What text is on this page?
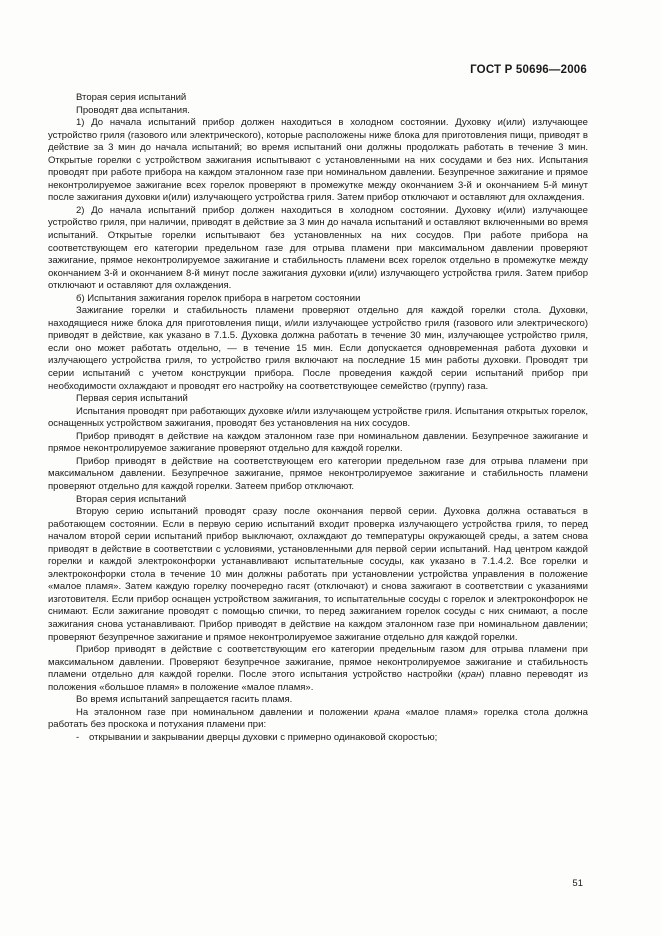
ГОСТ Р 50696—2006

Вторая серия испытаний

Проводят два испытания.

1) До начала испытаний прибор должен находиться в холодном состоянии. Духовку и(или) излучающее устройство гриля (газового или электрического), которые расположены ниже блока для приготовления пищи, приводят в действие за 3 мин до начала испытаний; во время испытаний они должны продолжать работать в течение 3 мин. Открытые горелки с устройством зажигания испытывают с установленными на них сосудами и без них. Испытания проводят при работе прибора на каждом эталонном газе при номинальном давлении. Безупречное зажигание и прямое неконтролируемое зажигание всех горелок проверяют в промежутке между окончанием 3-й и окончанием 5-й минут после зажигания духовки и(или) излучающего устройства гриля. Затем прибор отключают и оставляют для охлаждения.

2) До начала испытаний прибор должен находиться в холодном состоянии. Духовку и(или) излучающее устройство гриля, при наличии, приводят в действие за 3 мин до начала испытаний и оставляют включенными во время испытаний. Открытые горелки испытывают без установленных на них сосудов. При работе прибора на соответствующем его категории предельном газе для отрыва пламени при максимальном давлении проверяют зажигание, прямое неконтролируемое зажигание и стабильность пламени всех горелок отдельно в промежутке между окончанием 3-й и окончанием 8-й минут после зажигания духовки и(или) излучающего устройства гриля. Затем прибор отключают и оставляют для охлаждения.

б) Испытания зажигания горелок прибора в нагретом состоянии

Зажигание горелки и стабильность пламени проверяют отдельно для каждой горелки стола. Духовки, находящиеся ниже блока для приготовления пищи, и/или излучающее устройство гриля (газового или электрического) приводят в действие, как указано в 7.1.5. Духовка должна работать в течение 30 мин, излучающее устройство гриля, если оно может работать отдельно, — в течение 15 мин. Если допускается одновременная работа духовки и излучающего устройства гриля, то устройство гриля включают на последние 15 мин работы духовки. Проводят три серии испытаний с учетом конструкции прибора. После проведения каждой серии испытаний прибор при необходимости охлаждают и проводят его настройку на соответствующее семейство (группу) газа.

Первая серия испытаний

Испытания проводят при работающих духовке и/или излучающем устройстве гриля. Испытания открытых горелок, оснащенных устройством зажигания, проводят без установления на них сосудов.

Прибор приводят в действие на каждом эталонном газе при номинальном давлении. Безупречное зажигание и прямое неконтролируемое зажигание проверяют отдельно для каждой горелки.

Прибор приводят в действие на соответствующем его категории предельном газе для отрыва пламени при максимальном давлении. Безупречное зажигание, прямое неконтролируемое зажигание и стабильность пламени проверяют отдельно для каждой горелки. Затеем прибор отключают.

Вторая серия испытаний

Вторую серию испытаний проводят сразу после окончания первой серии. Духовка должна оставаться в работающем состоянии. Если в первую серию испытаний входит проверка излучающего устройства гриля, то перед началом второй серии испытаний прибор выключают, охлаждают до температуры окружающей среды, а затем снова приводят в действие в соответствии с условиями, установленными для первой серии испытаний. Над центром каждой горелки и каждой электроконфорки устанавливают испытательные сосуды, как указано в 7.1.4.2. Все горелки и электроконфорки стола в течение 10 мин должны работать при установлении устройства управления в положение «малое пламя». Затем каждую горелку поочередно гасят (отключают) и снова зажигают в соответствии с указаниями изготовителя. Если прибор оснащен устройством зажигания, то испытательные сосуды с горелок и электроконфорок не снимают. Если зажигание проводят с помощью спички, то перед зажиганием горелок сосуды с них снимают, а после зажигания снова устанавливают. Прибор приводят в действие на каждом эталонном газе при номинальном давлении; проверяют безупречное зажигание и прямое неконтролируемое зажигание отдельно для каждой горелки.

Прибор приводят в действие с соответствующим его категории предельным газом для отрыва пламени при максимальном давлении. Проверяют безупречное зажигание, прямое неконтролируемое зажигание и стабильность пламени отдельно для каждой горелки. После этого испытания устройство настройки (кран) плавно переводят из положения «большое пламя» в положение «малое пламя».

Во время испытаний запрещается гасить пламя.

На эталонном газе при номинальном давлении и положении крана «малое пламя» горелка стола должна работать без проскока и потухания пламени при:

- открывании и закрывании дверцы духовки с примерно одинаковой скоростью;

51
